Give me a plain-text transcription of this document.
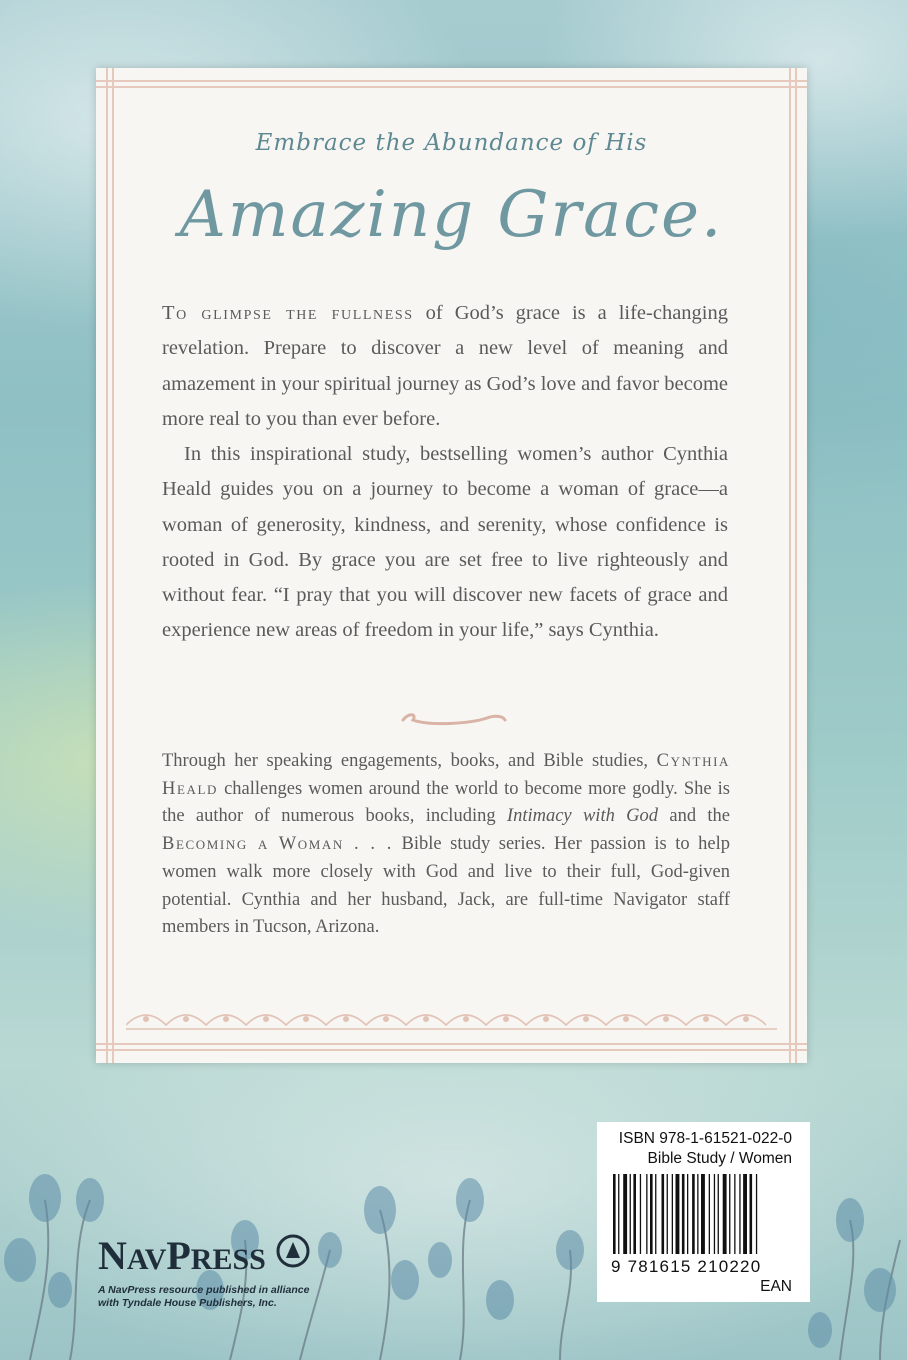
Embrace the Abundance of His
Amazing Grace.

To glimpse the fullness of God’s grace is a life-changing revelation. Prepare to discover a new level of meaning and amazement in your spiritual journey as God’s love and favor become more real to you than ever before.

In this inspirational study, bestselling women’s author Cynthia Heald guides you on a journey to become a woman of grace—a woman of generosity, kindness, and serenity, whose confidence is rooted in God. By grace you are set free to live righteously and without fear. “I pray that you will discover new facets of grace and experience new areas of freedom in your life,” says Cynthia.

Through her speaking engagements, books, and Bible studies, Cynthia Heald challenges women around the world to become more godly. She is the author of numerous books, including Intimacy with God and the Becoming a Woman . . . Bible study series. Her passion is to help women walk more closely with God and live to their full, God-given potential. Cynthia and her husband, Jack, are full-time Navigator staff members in Tucson, Arizona.

NAVPRESS
A NavPress resource published in alliance
with Tyndale House Publishers, Inc.
ISBN 978-1-61521-022-0
Bible Study / Women
9 781615 210220
EAN
